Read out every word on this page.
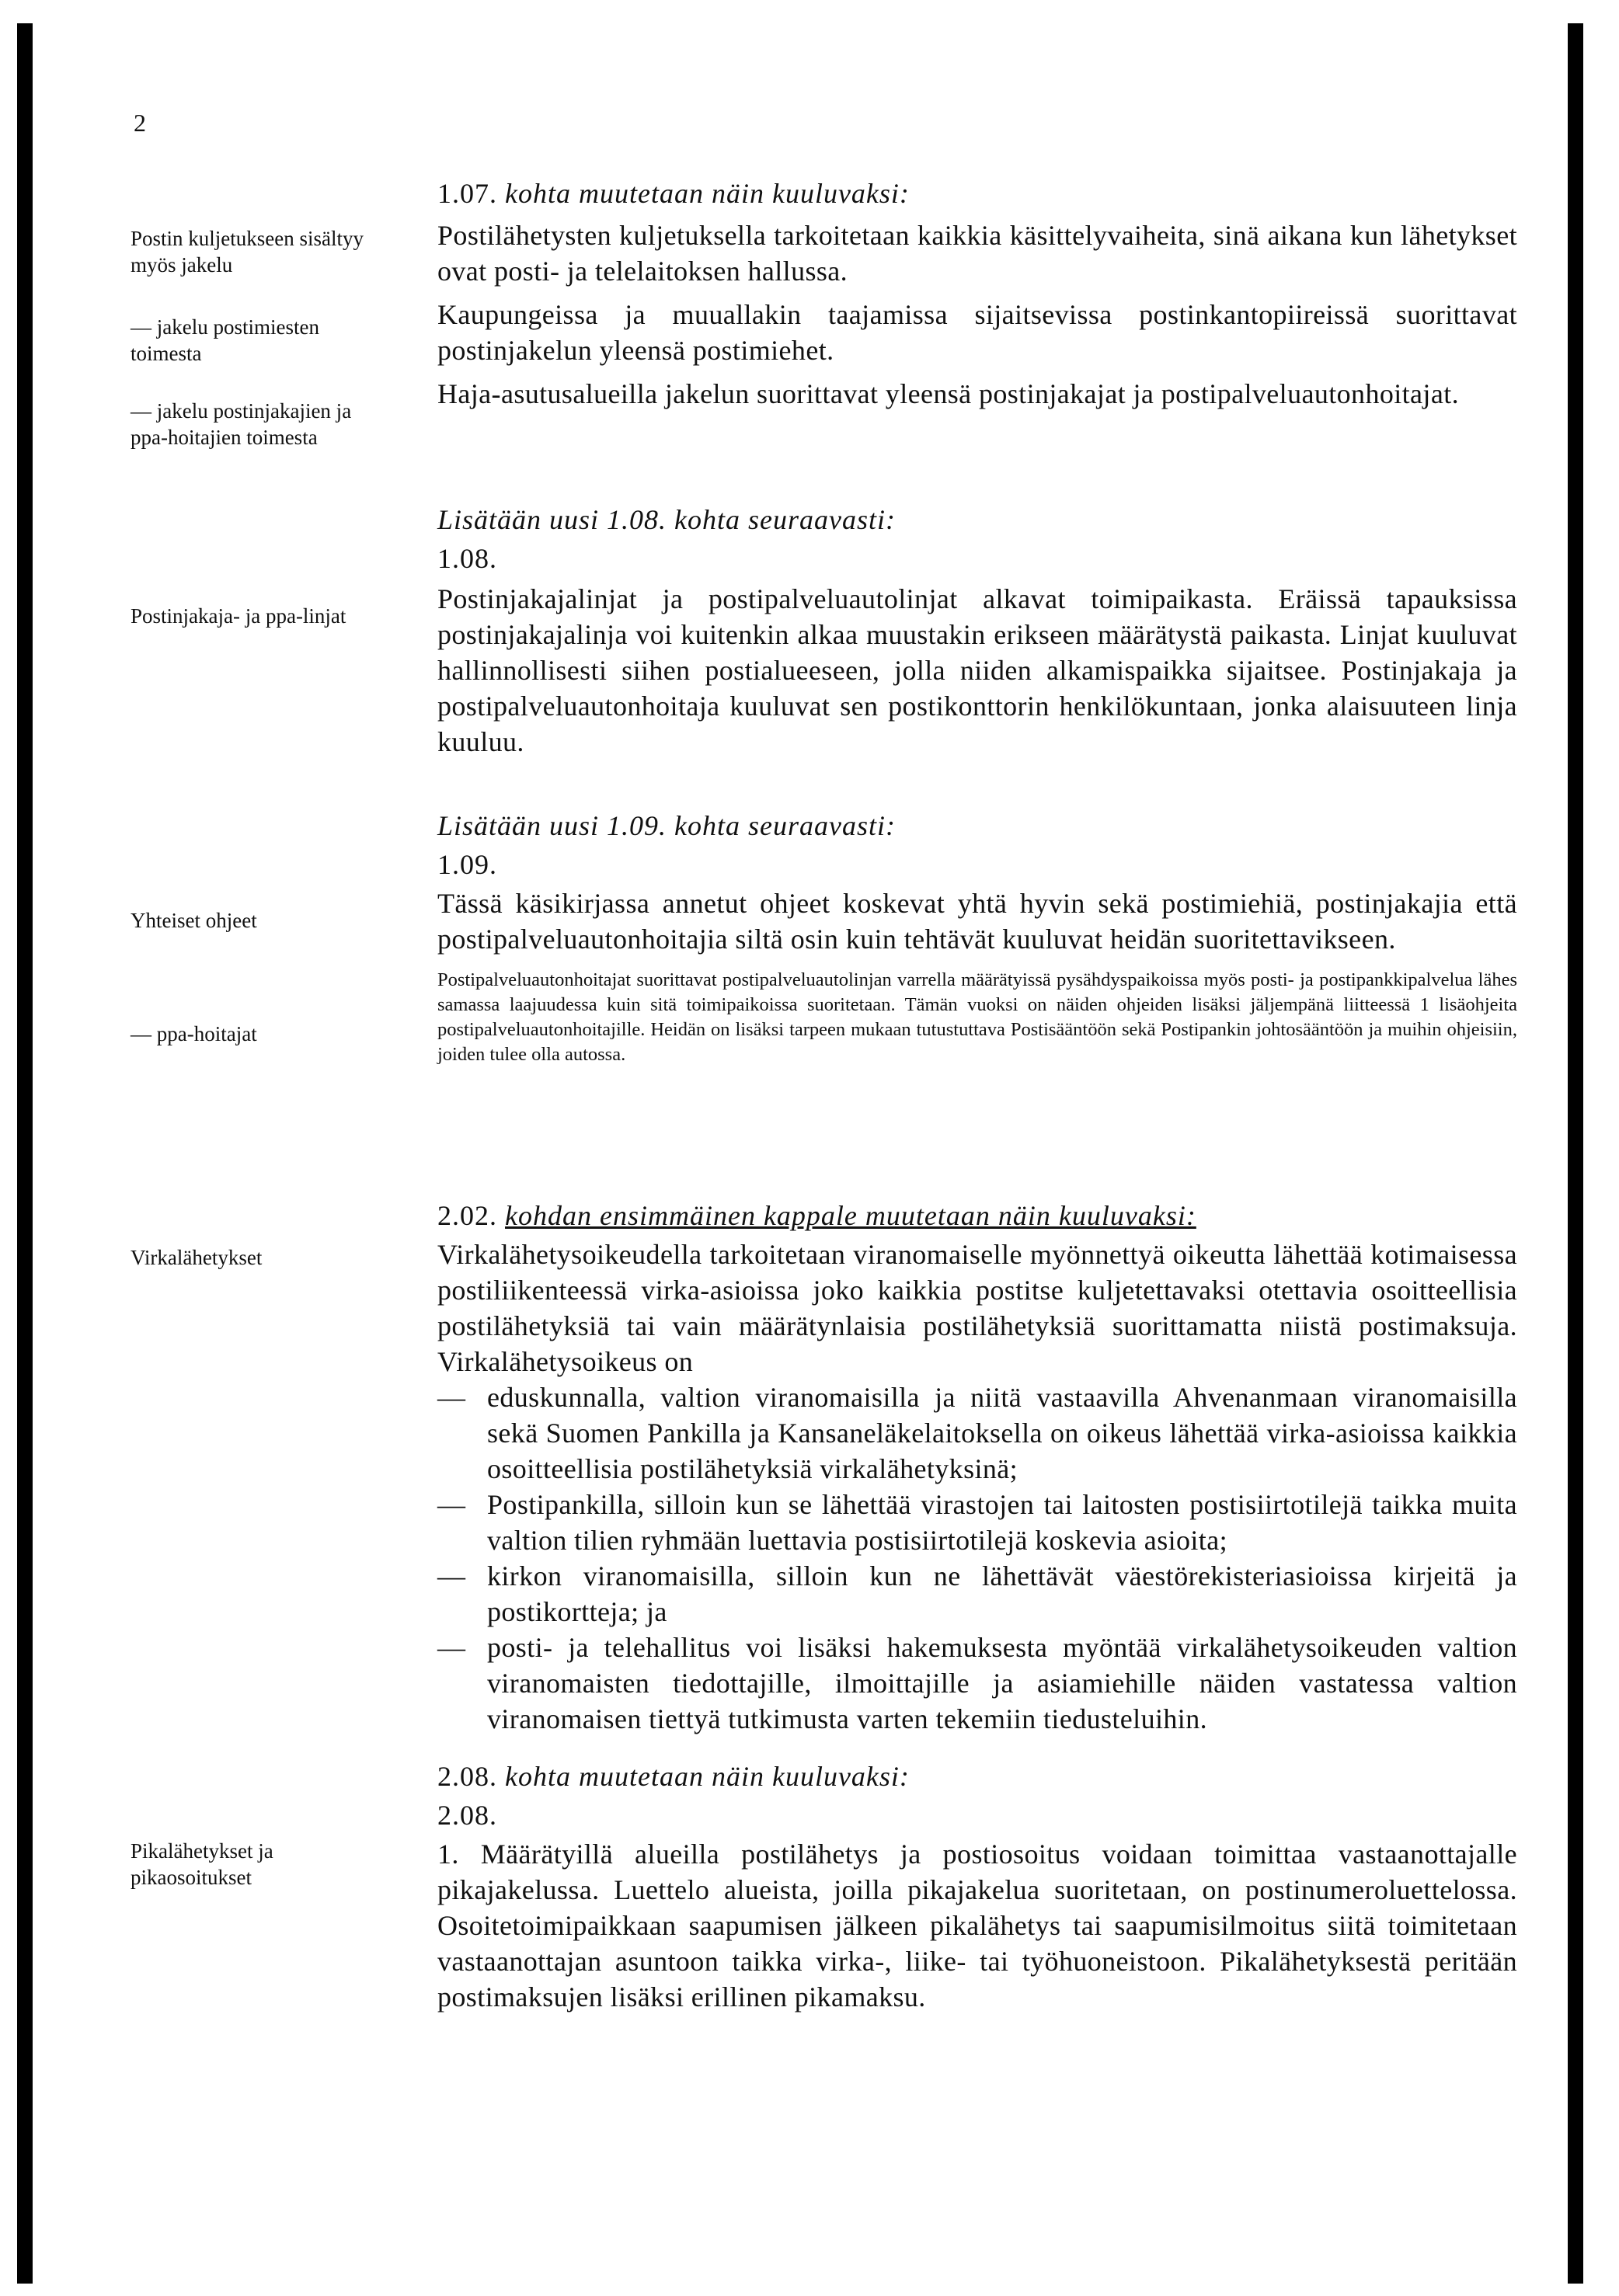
2
Postin kuljetukseen sisältyy myös jakelu
— jakelu postimiesten toimesta
— jakelu postinjakajien ja ppa-hoitajien toimesta
Postinjakaja- ja ppa-linjat
Yhteiset ohjeet
— ppa-hoitajat
Virkalähetykset
Pikalähetykset ja pikaosoitukset

1.07. kohta muutetaan näin kuuluvaksi:

Postilähetysten kuljetuksella tarkoitetaan kaikkia käsittelyvaiheita, sinä aikana kun lähetykset ovat posti- ja telelaitoksen hallussa.

Kaupungeissa ja muuallakin taajamissa sijaitsevissa postinkantopiireissä suorittavat postinjakelun yleensä postimiehet.

Haja-asutusalueilla jakelun suorittavat yleensä postinjakajat ja postipalveluautonhoitajat.

Lisätään uusi 1.08. kohta seuraavasti:

1.08.

Postinjakajalinjat ja postipalveluautolinjat alkavat toimipaikasta. Eräissä tapauksissa postinjakajalinja voi kuitenkin alkaa muustakin erikseen määrätystä paikasta. Linjat kuuluvat hallinnollisesti siihen postialueeseen, jolla niiden alkamispaikka sijaitsee. Postinjakaja ja postipalveluautonhoitaja kuuluvat sen postikonttorin henkilökuntaan, jonka alaisuuteen linja kuuluu.

Lisätään uusi 1.09. kohta seuraavasti:

1.09.

Tässä käsikirjassa annetut ohjeet koskevat yhtä hyvin sekä postimiehiä, postinjakajia että postipalveluautonhoitajia siltä osin kuin tehtävät kuuluvat heidän suoritettavikseen.

Postipalveluautonhoitajat suorittavat postipalveluautolinjan varrella määrätyissä pysähdyspaikoissa myös posti- ja postipankkipalvelua lähes samassa laajuudessa kuin sitä toimipaikoissa suoritetaan. Tämän vuoksi on näiden ohjeiden lisäksi jäljempänä liitteessä 1 lisäohjeita postipalveluautonhoitajille. Heidän on lisäksi tarpeen mukaan tutustuttava Postisääntöön sekä Postipankin johtosääntöön ja muihin ohjeisiin, joiden tulee olla autossa.

2.02. kohdan ensimmäinen kappale muutetaan näin kuuluvaksi:

Virkalähetysoikeudella tarkoitetaan viranomaiselle myönnettyä oikeutta lähettää kotimaisessa postiliikenteessä virka-asioissa joko kaikkia postitse kuljetettavaksi otettavia osoitteellisia postilähetyksiä tai vain määrätynlaisia postilähetyksiä suorittamatta niistä postimaksuja. Virkalähetysoikeus on

— eduskunnalla, valtion viranomaisilla ja niitä vastaavilla Ahvenanmaan viranomaisilla sekä Suomen Pankilla ja Kansaneläkelaitoksella on oikeus lähettää virka-asioissa kaikkia osoitteellisia postilähetyksiä virkalähetyksinä;
— Postipankilla, silloin kun se lähettää virastojen tai laitosten postisiirtotilejä taikka muita valtion tilien ryhmään luettavia postisiirtotilejä koskevia asioita;
— kirkon viranomaisilla, silloin kun ne lähettävät väestörekisteriasioissa kirjeitä ja postikortteja; ja
— posti- ja telehallitus voi lisäksi hakemuksesta myöntää virkalähetysoikeuden valtion viranomaisten tiedottajille, ilmoittajille ja asiamiehille näiden vastatessa valtion viranomaisen tiettyä tutkimusta varten tekemiin tiedusteluihin.

2.08. kohta muutetaan näin kuuluvaksi:

2.08.

1. Määrätyillä alueilla postilähetys ja postiosoitus voidaan toimittaa vastaanottajalle pikajakelussa. Luettelo alueista, joilla pikajakelua suoritetaan, on postinumeroluettelossa. Osoitetoimipaikkaan saapumisen jälkeen pikalähetys tai saapumisilmoitus siitä toimitetaan vastaanottajan asuntoon taikka virka-, liike- tai työhuoneistoon. Pikalähetyksestä peritään postimaksujen lisäksi erillinen pikamaksu.
